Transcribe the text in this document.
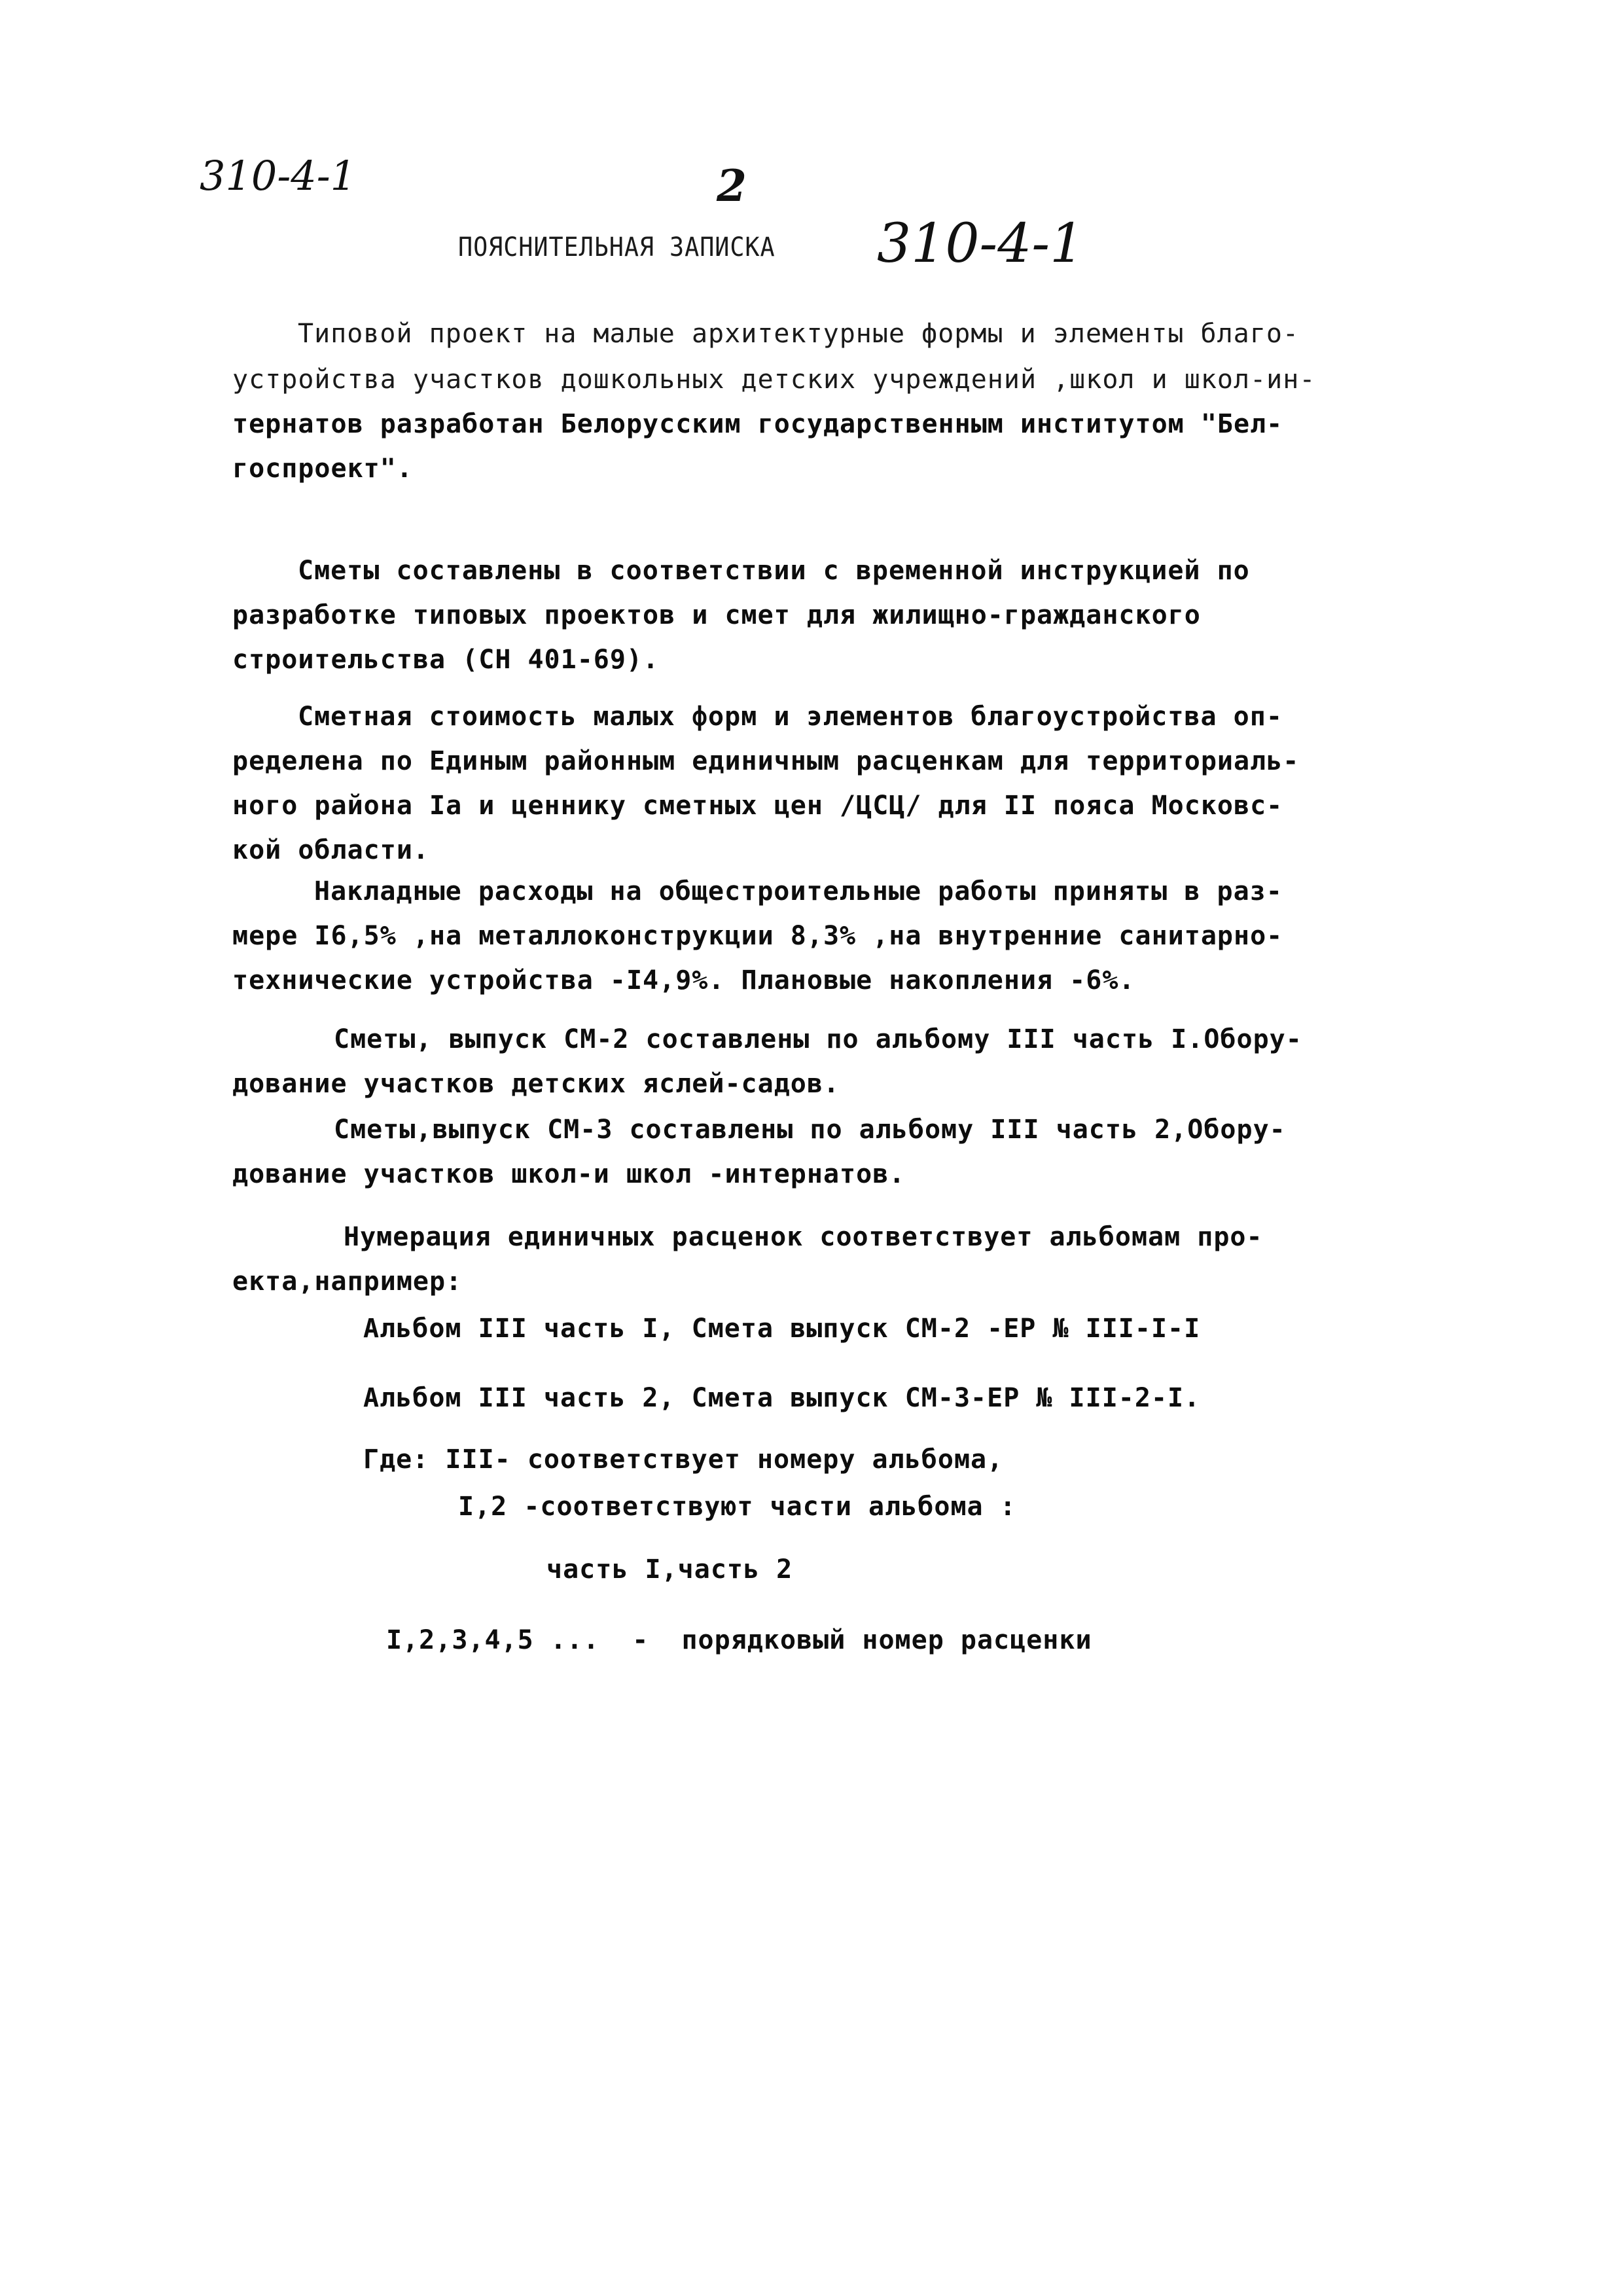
310-4-1	2
ПОЯСНИТЕЛЬНАЯ ЗАПИСКА 310-4-1
Типовой проект на малые архитектурные формы и элементы благо-
устройства участков дошкольных детских учреждений ,школ и школ-ин-
тернатов разработан Белорусским государственным институтом "Бел-
госпроект".
Сметы составлены в соответствии с временной инструкцией по
разработке типовых проектов и смет для жилищно-гражданского
строительства (СН 401-69).
Сметная стоимость малых форм и элементов благоустройства оп-
ределена по Единым районным единичным расценкам для территориаль-
ного района Iа и ценнику сметных цен /ЦСЦ/ для II пояса Московс-
кой области.
Накладные расходы на общестроительные работы приняты в раз-
мере I6,5% ,на металлоконструкции 8,3% ,на внутренние санитарно-
технические устройства -I4,9%. Плановые накопления -6%.
Сметы, выпуск СМ-2 составлены по альбому III часть I.Обору-
дование участков детских яслей-садов.
Сметы,выпуск СМ-3 составлены по альбому III часть 2,Обору-
дование участков школ-и школ -интернатов.
Нумерация единичных расценок соответствует альбомам про-
екта,например:
Альбом III часть I, Смета выпуск СМ-2 -ЕР № III-I-I
Альбом III часть 2, Смета выпуск СМ-3-ЕР № III-2-I.
Где: III- соответствует номеру альбома,
I,2 -соответствуют части альбома :
часть I,часть 2
I,2,3,4,5 ...  -  порядковый номер расценки
